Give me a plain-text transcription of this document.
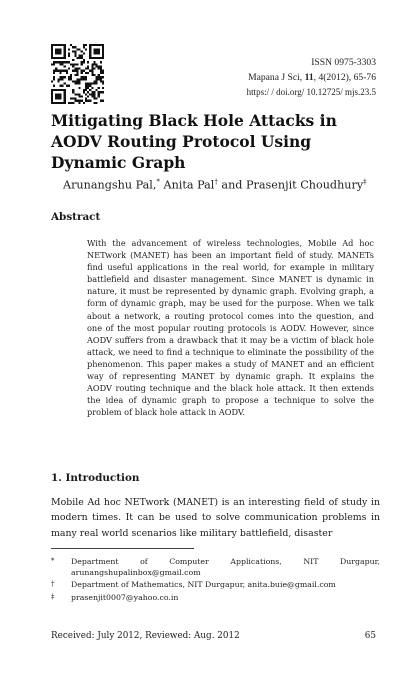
ISSN 0975-3303
Mapana J Sci, 11, 4(2012), 65-76
https:/ / doi.org/ 10.12725/ mjs.23.5
Mitigating Black Hole Attacks in AODV Routing Protocol Using Dynamic Graph
Arunangshu Pal,* Anita Pal† and Prasenjit Choudhury‡
Abstract

With the advancement of wireless technologies, Mobile Ad hoc NETwork (MANET) has been an important field of study. MANETs find useful applications in the real world, for example in military battlefield and disaster management. Since MANET is dynamic in nature, it must be represented by dynamic graph. Evolving graph, a form of dynamic graph, may be used for the purpose. When we talk about a network, a routing protocol comes into the question, and one of the most popular routing protocols is AODV. However, since AODV suffers from a drawback that it may be a victim of black hole attack, we need to find a technique to eliminate the possibility of the phenomenon. This paper makes a study of MANET and an efficient way of representing MANET by dynamic graph. It explains the AODV routing technique and the black hole attack. It then extends the idea of dynamic graph to propose a technique to solve the problem of black hole attack in AODV.

1. Introduction

Mobile Ad hoc NETwork (MANET) is an interesting field of study in modern times. It can be used to solve communication problems in many real world scenarios like military battlefield, disaster

*	Department of Computer Applications, NIT Durgapur, arunangshupalinbox@gmail.com
†	Department of Mathematics, NIT Durgapur, anita.buie@gmail.com
‡	prasenjit0007@yahoo.co.in
Received: July 2012, Reviewed: Aug. 2012	65
